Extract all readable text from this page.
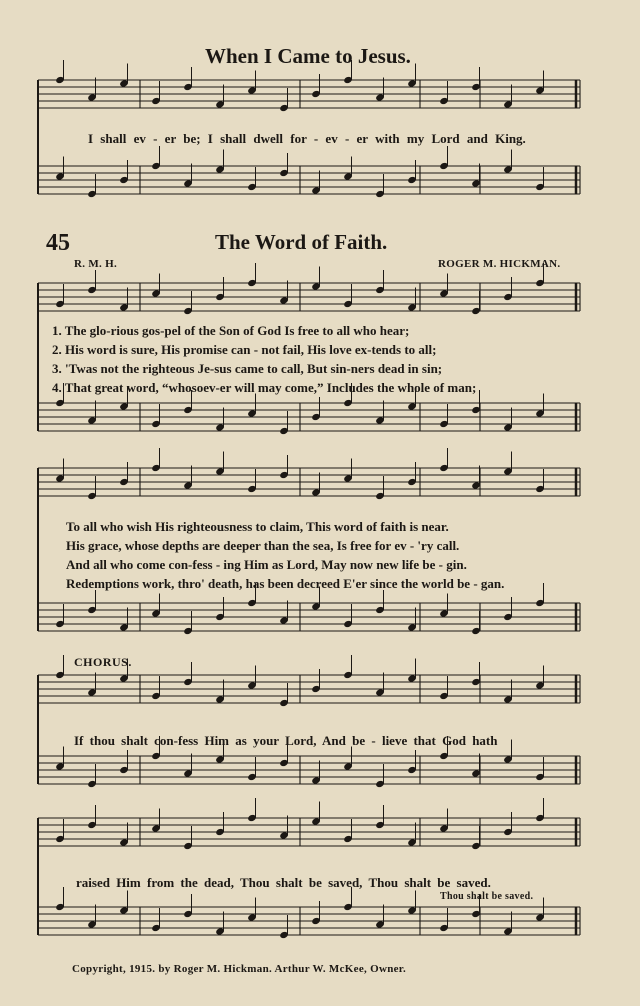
When I Came to Jesus.
I shall ev - er be; I shall dwell for - ev - er with my Lord and King.
45	The Word of Faith.
R. M. H.	ROGER M. HICKMAN.
1. The glo-rious gos-pel of the Son of God Is free to all who hear;
2. His word is sure, His promise can - not fail, His love ex-tends to all;
3. 'Twas not the righteous Je-sus came to call, But sin-ners dead in sin;
4. That great word, “whosoev-er will may come,” Includes the whole of man;
To all who wish His righteousness to claim, This word of faith is near.
His grace, whose depths are deeper than the sea, Is free for ev - 'ry call.
And all who come con-fess - ing Him as Lord, May now new life be - gin.
Redemptions work, thro' death, has been decreed E'er since the world be - gan.
CHORUS.
If thou shalt con-fess Him as your Lord, And be - lieve that God hath
raised Him from the dead, Thou shalt be saved, Thou shalt be saved.
Thou shalt be saved.
Copyright, 1915. by Roger M. Hickman. Arthur W. McKee, Owner.
